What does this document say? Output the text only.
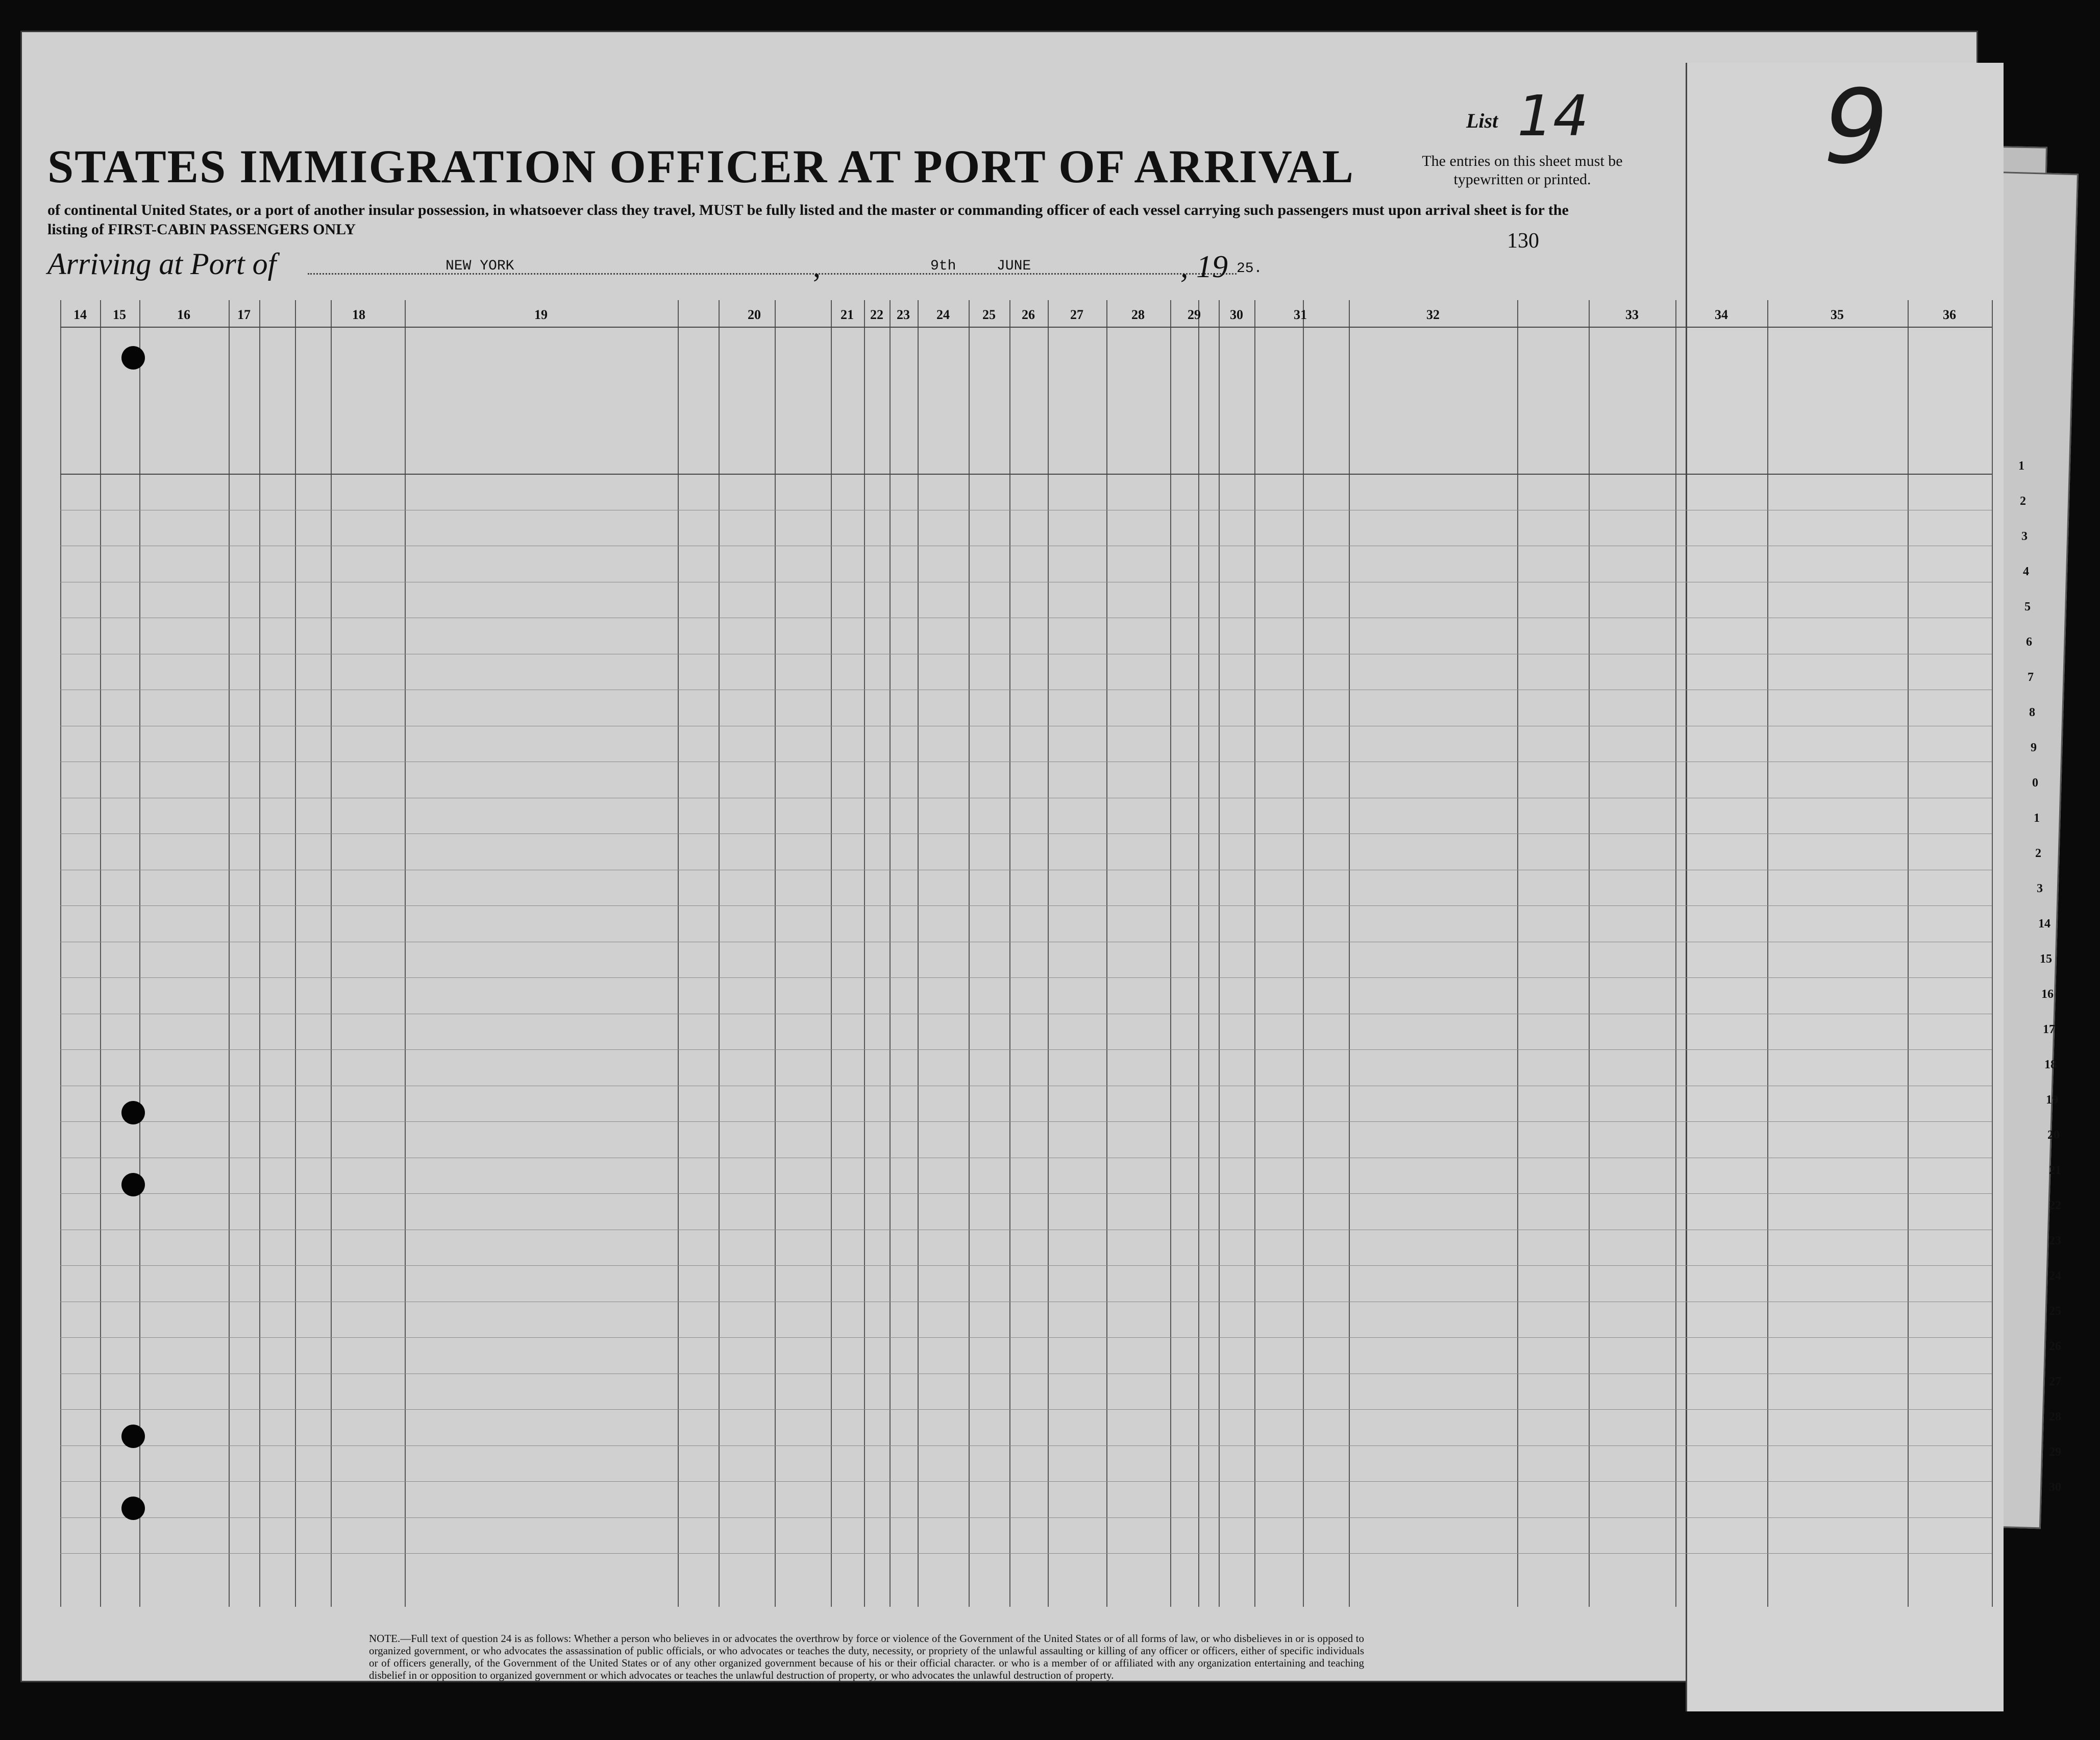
List 14 9
STATES IMMIGRATION OFFICER AT PORT OF ARRIVAL	The entries on this sheet must be typewritten or printed.
of continental United States, or a port of another insular possession, in whatsoever class they travel, MUST be fully listed and the master or commanding officer of each vessel carrying such passengers must upon arrival sheet is for the listing of FIRST-CABIN PASSENGERS ONLY	130
Arriving at Port of	NEW YORK	,	9th	JUNE	, 19 25.
14	15	16	17	18	19	20	21	22	23	24	25	26	27	28	29	30	31	32	33	34	35	36
NOTE.—Full text of question 24 is as follows: Whether a person who believes in or advocates the overthrow by force or violence of the Government of the United States or of all forms of law, or who disbelieves in or is opposed to organized government, or who advocates the assassination of public officials, or who advocates or teaches the duty, necessity, or propriety of the unlawful assaulting or killing of any officer or officers, either of specific individuals or of officers generally, of the Government of the United States or of any other organized government because of his or their official character. or who is a member of or affiliated with any organization entertaining and teaching disbelief in or opposition to organized government or which advocates or teaches the unlawful destruction of property, or who advocates the unlawful destruction of property.
1
2
3
4
5
6
7
8
9
0
1
2
3
14
15
16
17
18
19
20
21
22
23
24
25
26
27
28
29
30
